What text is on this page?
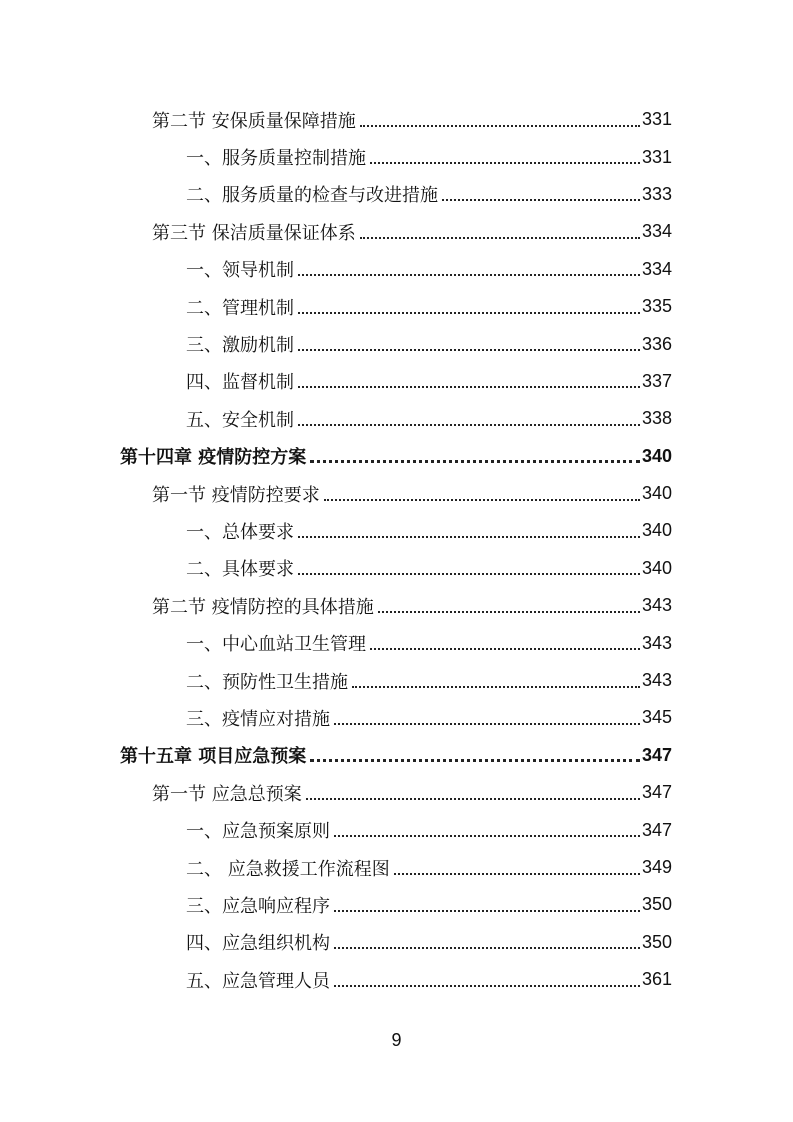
第二节 安保质量保障措施	331
一、服务质量控制措施	331
二、服务质量的检查与改进措施	333
第三节 保洁质量保证体系	334
一、领导机制	334
二、管理机制	335
三、激励机制	336
四、监督机制	337
五、安全机制	338
第十四章 疫情防控方案	340
第一节 疫情防控要求	340
一、总体要求	340
二、具体要求	340
第二节 疫情防控的具体措施	343
一、中心血站卫生管理	343
二、预防性卫生措施	343
三、疫情应对措施	345
第十五章 项目应急预案	347
第一节 应急总预案	347
一、应急预案原则	347
二、 应急救援工作流程图	349
三、应急响应程序	350
四、应急组织机构	350
五、应急管理人员	361
9
